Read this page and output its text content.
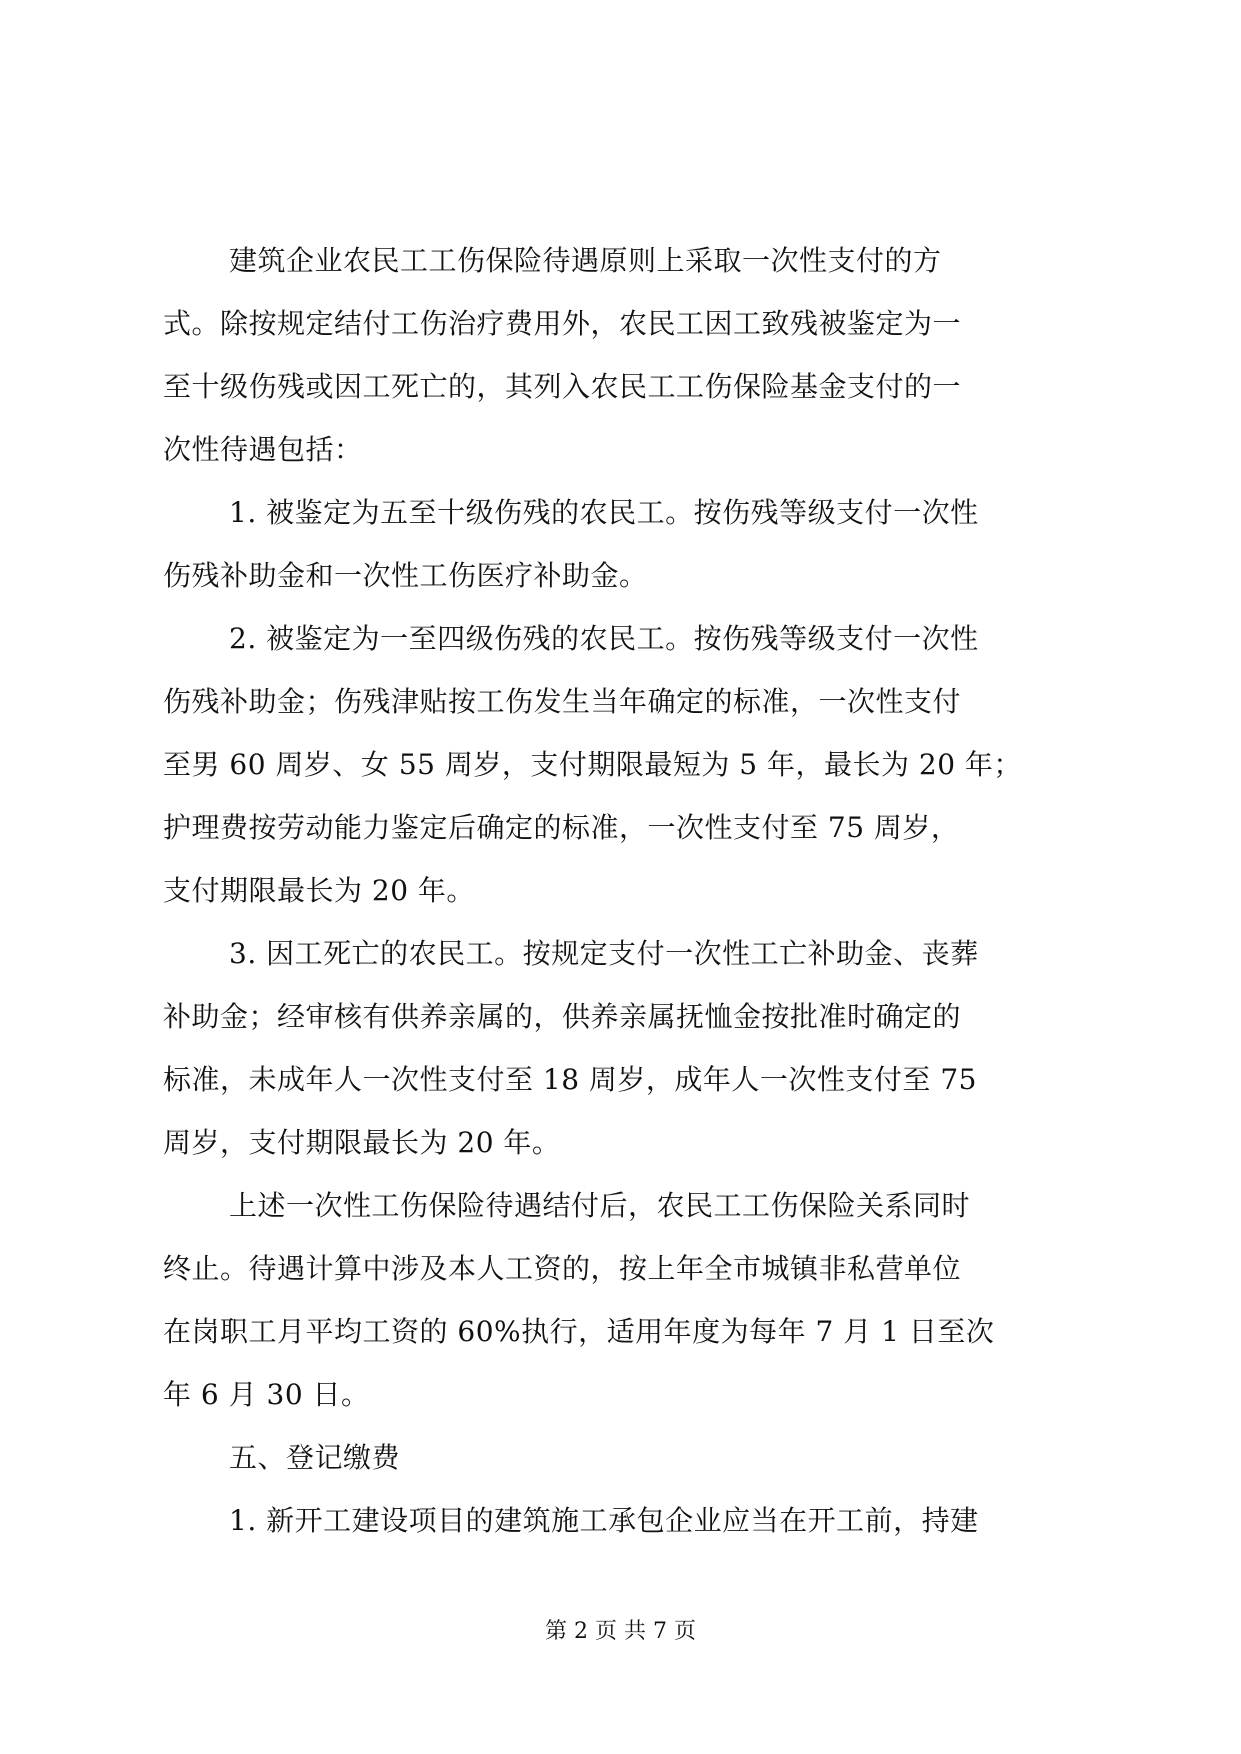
建筑企业农民工工伤保险待遇原则上采取一次性支付的方
式。除按规定结付工伤治疗费用外，农民工因工致残被鉴定为一
至十级伤残或因工死亡的，其列入农民工工伤保险基金支付的一
次性待遇包括：
1. 被鉴定为五至十级伤残的农民工。按伤残等级支付一次性
伤残补助金和一次性工伤医疗补助金。
2. 被鉴定为一至四级伤残的农民工。按伤残等级支付一次性
伤残补助金；伤残津贴按工伤发生当年确定的标准，一次性支付
至男 60 周岁、女 55 周岁，支付期限最短为 5 年，最长为 20 年；
护理费按劳动能力鉴定后确定的标准，一次性支付至 75 周岁，
支付期限最长为 20 年。
3. 因工死亡的农民工。按规定支付一次性工亡补助金、丧葬
补助金；经审核有供养亲属的，供养亲属抚恤金按批准时确定的
标准，未成年人一次性支付至 18 周岁，成年人一次性支付至 75
周岁，支付期限最长为 20 年。
上述一次性工伤保险待遇结付后，农民工工伤保险关系同时
终止。待遇计算中涉及本人工资的，按上年全市城镇非私营单位
在岗职工月平均工资的 60%执行，适用年度为每年 7 月 1 日至次
年 6 月 30 日。
五、登记缴费
1. 新开工建设项目的建筑施工承包企业应当在开工前，持建
第 2 页 共 7 页
